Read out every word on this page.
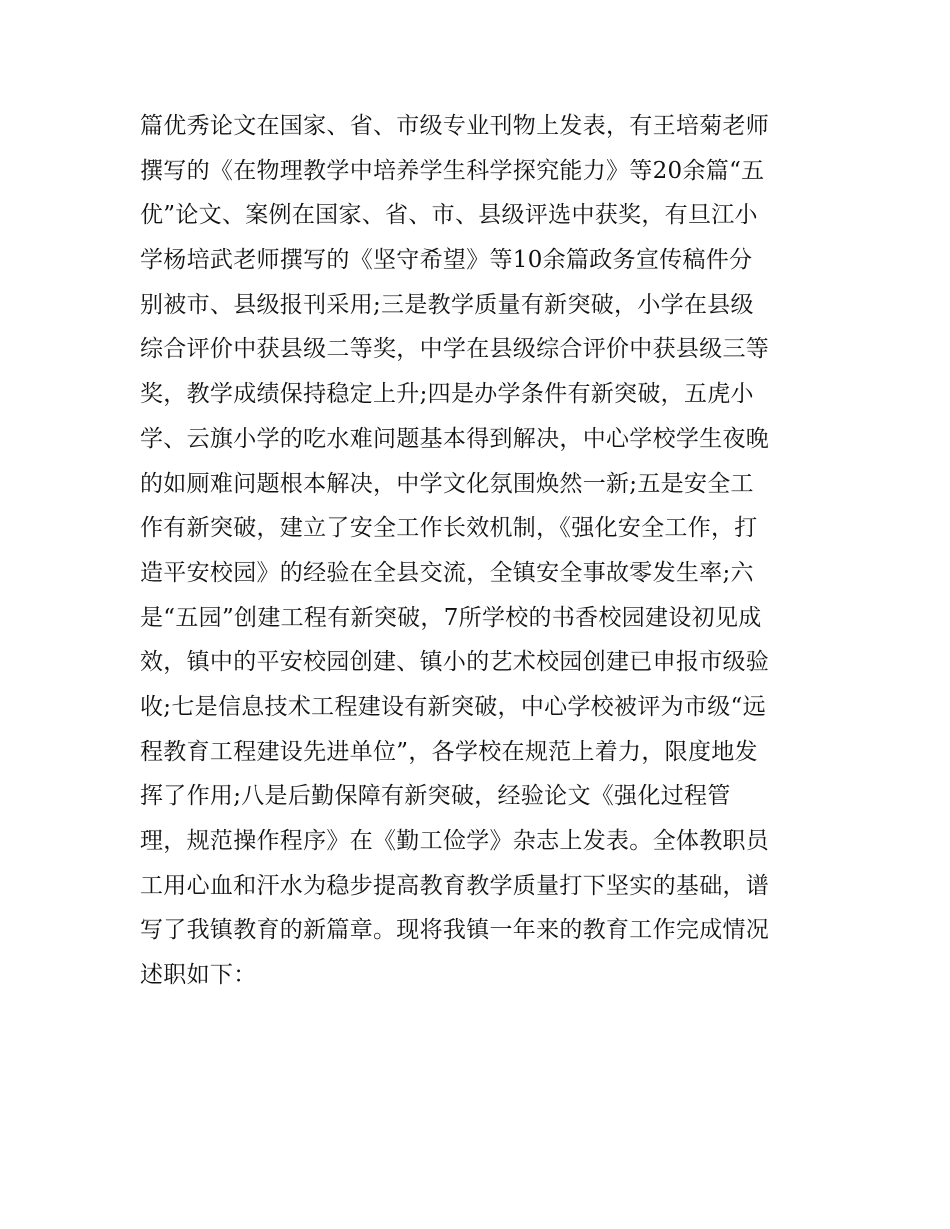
篇优秀论文在国家、省、市级专业刊物上发表，有王培菊老师
撰写的《在物理教学中培养学生科学探究能力》等20余篇“五
优”论文、案例在国家、省、市、县级评选中获奖，有旦江小
学杨培武老师撰写的《坚守希望》等10余篇政务宣传稿件分
别被市、县级报刊采用;三是教学质量有新突破，小学在县级
综合评价中获县级二等奖，中学在县级综合评价中获县级三等
奖，教学成绩保持稳定上升;四是办学条件有新突破，五虎小
学、云旗小学的吃水难问题基本得到解决，中心学校学生夜晚
的如厕难问题根本解决，中学文化氛围焕然一新;五是安全工
作有新突破，建立了安全工作长效机制，《强化安全工作，打
造平安校园》的经验在全县交流，全镇安全事故零发生率;六
是“五园”创建工程有新突破，7所学校的书香校园建设初见成
效，镇中的平安校园创建、镇小的艺术校园创建已申报市级验
收;七是信息技术工程建设有新突破，中心学校被评为市级“远
程教育工程建设先进单位”，各学校在规范上着力，限度地发
挥了作用;八是后勤保障有新突破，经验论文《强化过程管
理，规范操作程序》在《勤工俭学》杂志上发表。全体教职员
工用心血和汗水为稳步提高教育教学质量打下坚实的基础，谱
写了我镇教育的新篇章。现将我镇一年来的教育工作完成情况
述职如下：
